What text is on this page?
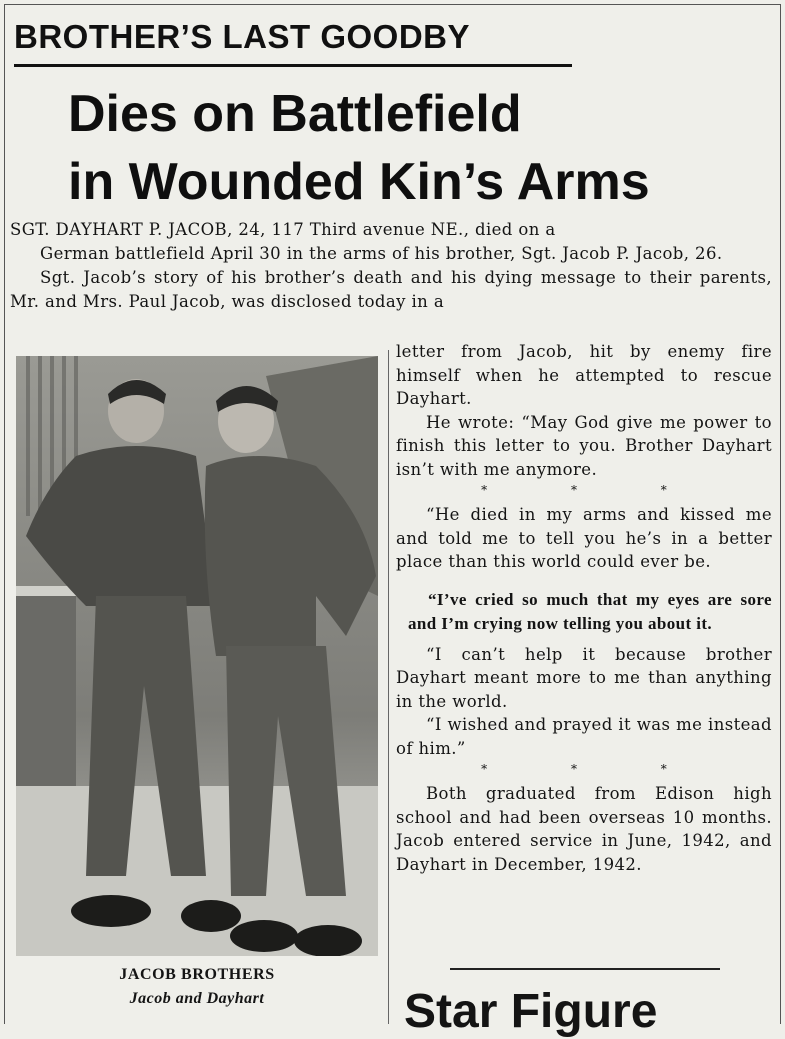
BROTHER’S LAST GOODBY
Dies on Battlefield
in Wounded Kin’s Arms

SGT. DAYHART P. JACOB, 24, 117 Third avenue NE., died on a

German battlefield April 30 in the arms of his brother, Sgt. Jacob P. Jacob, 26.

Sgt. Jacob’s story of his brother’s death and his dying message to their parents, Mr. and Mrs. Paul Jacob, was disclosed today in a

JACOB BROTHERS
Jacob and Dayhart

letter from Jacob, hit by enemy fire himself when he attempted to rescue Dayhart.

He wrote: “May God give me power to finish this letter to you. Brother Dayhart isn’t with me anymore.

* * *

“He died in my arms and kissed me and told me to tell you he’s in a better place than this world could ever be.

“I’ve cried so much that my eyes are sore and I’m crying now telling you about it.

“I can’t help it because brother Dayhart meant more to me than anything in the world.

“I wished and prayed it was me instead of him.”

* * *

Both graduated from Edison high school and had been overseas 10 months. Jacob entered service in June, 1942, and Dayhart in December, 1942.

Star Figure
